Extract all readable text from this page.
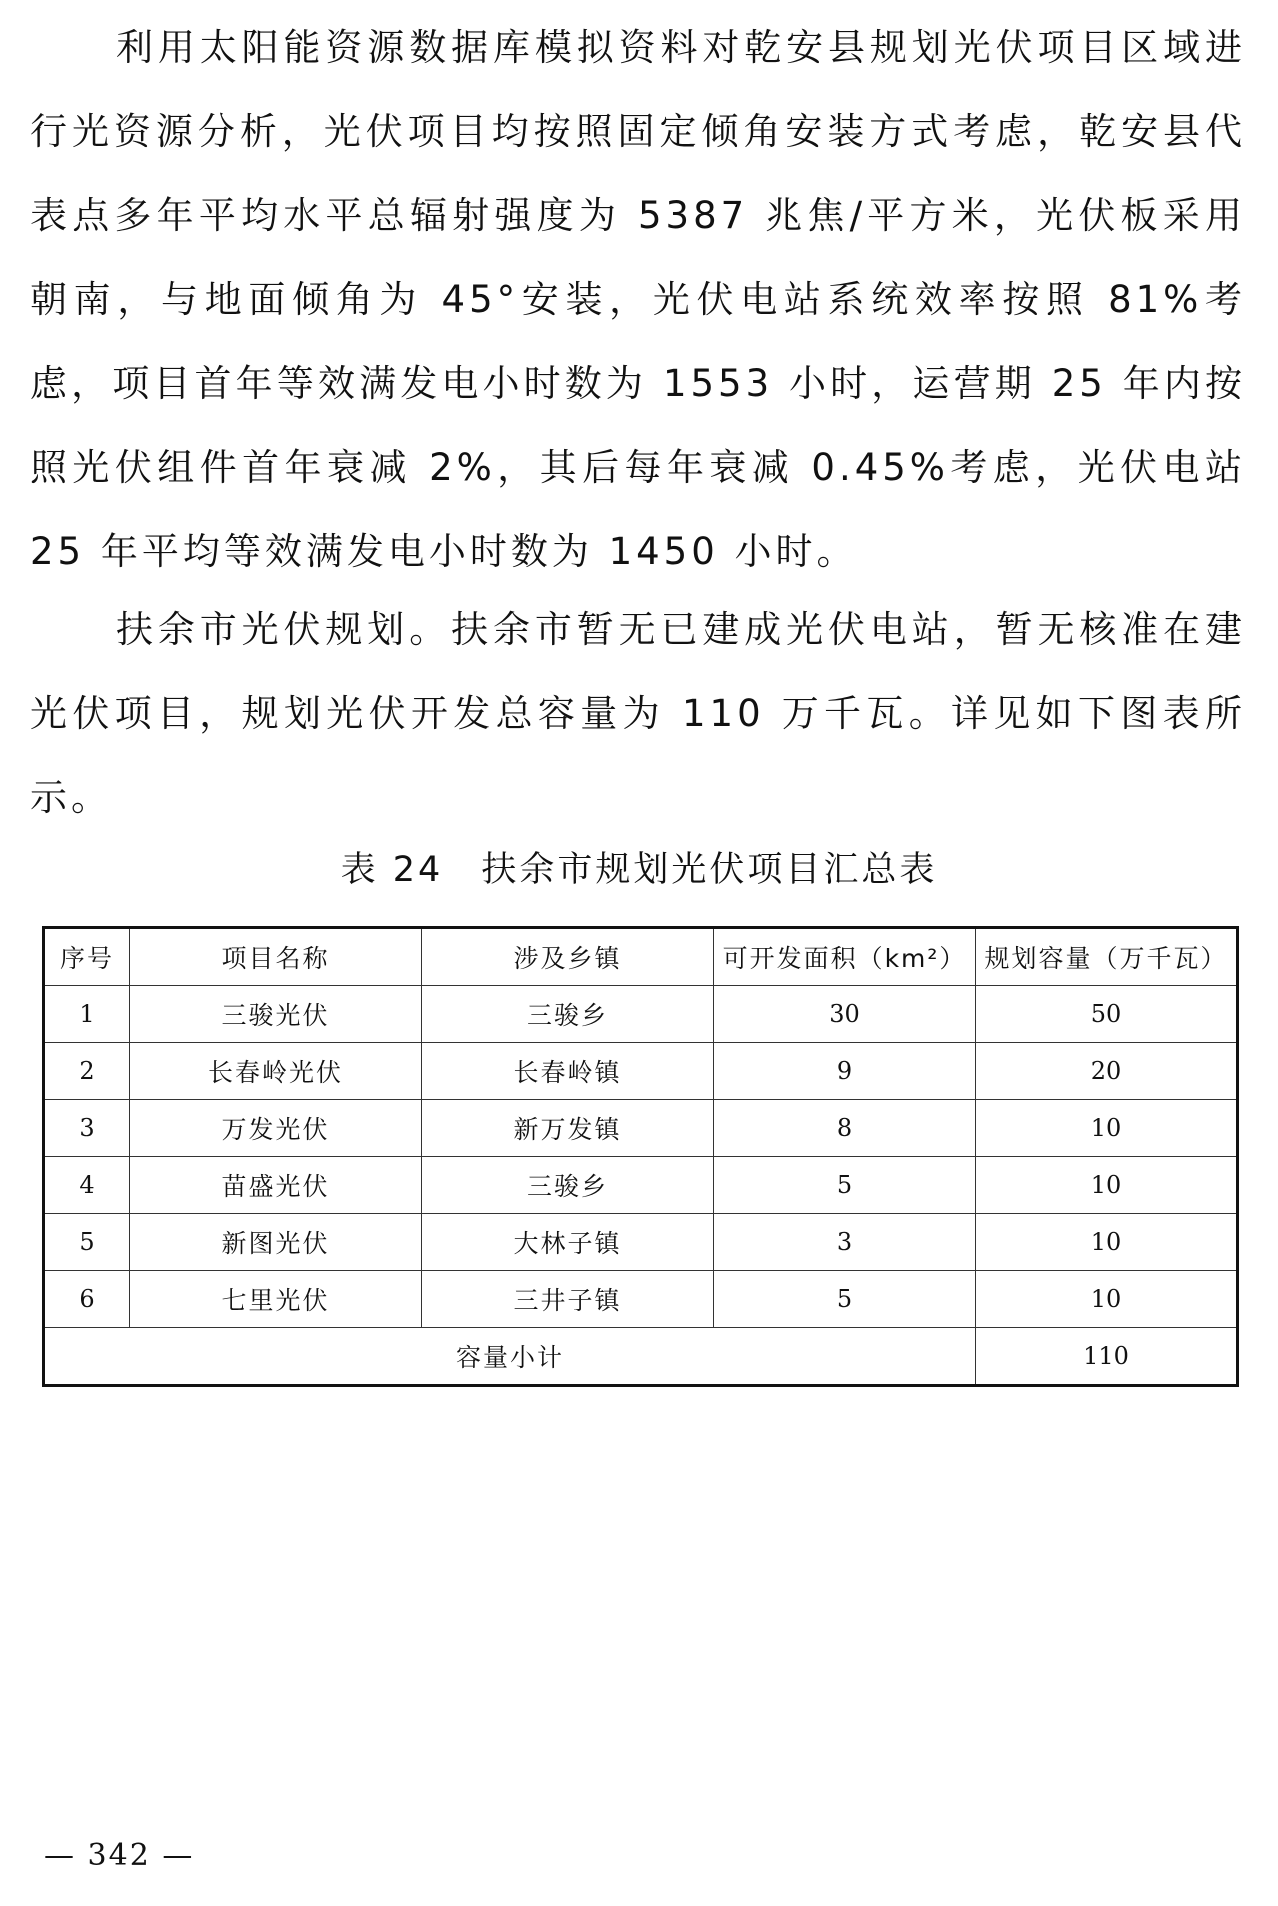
利用太阳能资源数据库模拟资料对乾安县规划光伏项目区域进行光资源分析，光伏项目均按照固定倾角安装方式考虑，乾安县代表点多年平均水平总辐射强度为 5387 兆焦/平方米，光伏板采用朝南，与地面倾角为 45°安装，光伏电站系统效率按照 81%考虑，项目首年等效满发电小时数为 1553 小时，运营期 25 年内按照光伏组件首年衰减 2%，其后每年衰减 0.45%考虑，光伏电站 25 年平均等效满发电小时数为 1450 小时。

扶余市光伏规划。扶余市暂无已建成光伏电站，暂无核准在建光伏项目，规划光伏开发总容量为 110 万千瓦。详见如下图表所示。

表 24　扶余市规划光伏项目汇总表

序号	项目名称	涉及乡镇	可开发面积（km²）	规划容量（万千瓦）
1	三骏光伏	三骏乡	30	50
2	长春岭光伏	长春岭镇	9	20
3	万发光伏	新万发镇	8	10
4	苗盛光伏	三骏乡	5	10
5	新图光伏	大林子镇	3	10
6	七里光伏	三井子镇	5	10
容量小计				110
— 342 —
